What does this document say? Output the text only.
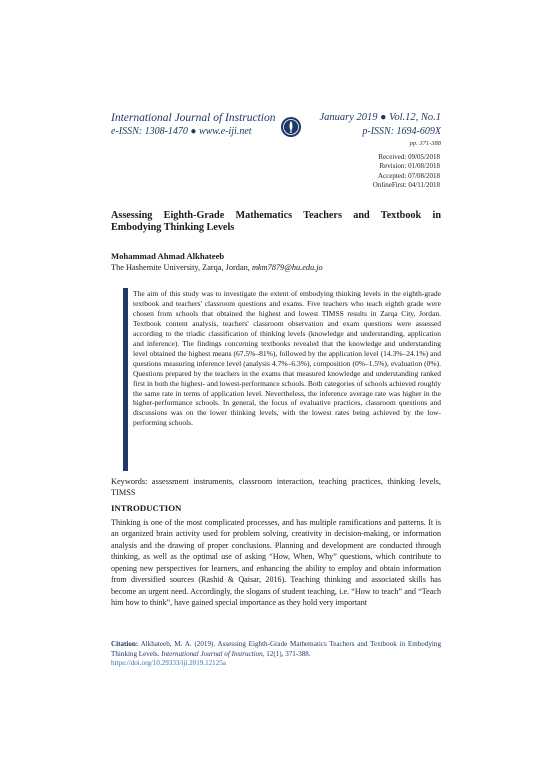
International Journal of Instruction
e-ISSN: 1308-1470 ● www.e-iji.net
January 2019 ● Vol.12, No.1
p-ISSN: 1694-609X
pp. 371-388
Received: 09/05/2018
Revision: 01/08/2018
Accepted: 07/08/2018
OnlineFirst: 04/11/2018
Assessing Eighth-Grade Mathematics Teachers and Textbook in Embodying Thinking Levels
Mohammad Ahmad Alkhateeb
The Hashemite University, Zarqa, Jordan, mkm7879@hu.edu.jo
The aim of this study was to investigate the extent of embodying thinking levels in the eighth-grade textbook and teachers' classroom questions and exams. Five teachers who teach eighth grade were chosen from schools that obtained the highest and lowest TIMSS results in Zarqa City, Jordan. Textbook content analysis, teachers' classroom observation and exam questions were assessed according to the triadic classification of thinking levels (knowledge and understanding, application and inference). The findings concerning textbooks revealed that the knowledge and understanding level obtained the highest means (67.5%–81%), followed by the application level (14.3%–24.1%) and questions measuring inference level (analysis 4.7%–6.3%), composition (0%–1.5%), evaluation (0%). Questions prepared by the teachers in the exams that measured knowledge and understanding ranked first in both the highest- and lowest-performance schools. Both categories of schools achieved roughly the same rate in terms of application level. Nevertheless, the inference average rate was higher in the higher-performance schools. In general, the focus of evaluative practices, classroom questions and discussions was on the lower thinking levels, with the lowest rates being achieved by the low-performing schools.
Keywords: assessment instruments, classroom interaction, teaching practices, thinking levels, TIMSS
INTRODUCTION
Thinking is one of the most complicated processes, and has multiple ramifications and patterns. It is an organized brain activity used for problem solving, creativity in decision-making, or information analysis and the drawing of proper conclusions. Planning and development are conducted through thinking, as well as the optimal use of asking “How, When, Why” questions, which contribute to opening new perspectives for learners, and enhancing the ability to employ and obtain information from diversified sources (Rashid & Qaisar, 2016). Teaching thinking and associated skills has become an urgent need. Accordingly, the slogans of student teaching, i.e. “How to teach” and “Teach him how to think”, have gained special importance as they hold very important
Citation: Alkhateeb, M. A. (2019). Assessing Eighth-Grade Mathematics Teachers and Textbook in Embodying Thinking Levels. International Journal of Instruction, 12(1), 371-388.
https://doi.org/10.29333/iji.2019.12125a
